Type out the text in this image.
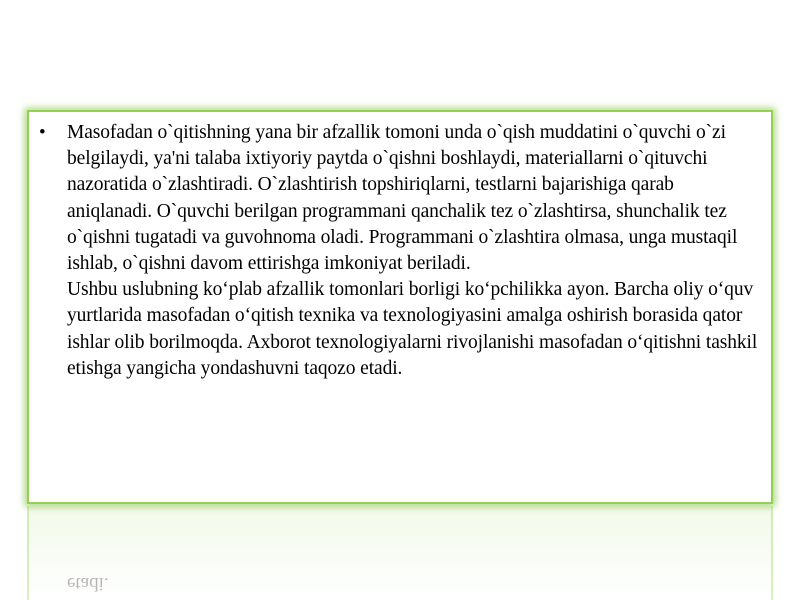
•	Masofadan o`qitishning yana bir afzallik tomoni unda o`qish muddatini o`quvchi o`zi belgilaydi, ya'ni talaba ixtiyoriy paytda o`qishni boshlaydi, materiallarni o`qituvchi nazoratida o`zlashtiradi. O`zlashtirish topshiriqlarni, testlarni bajarishiga qarab aniqlanadi. O`quvchi berilgan programmani qanchalik tez o`zlashtirsa, shunchalik tez o`qishni tugatadi va guvohnoma oladi. Programmani o`zlashtira olmasa, unga mustaqil ishlab, o`qishni davom ettirishga imkoniyat beriladi.

Ushbu uslubning ko‘plab afzallik tomonlari borligi ko‘pchilikka ayon. Barcha oliy o‘quv yurtlarida masofadan o‘qitish texnika va texnologiyasini amalga oshirish borasida qator ishlar olib borilmoqda. Axborot texnologiyalarni rivojlanishi masofadan o‘qitishni tashkil etishga yangicha yondashuvni taqozo etadi.

etadi.
